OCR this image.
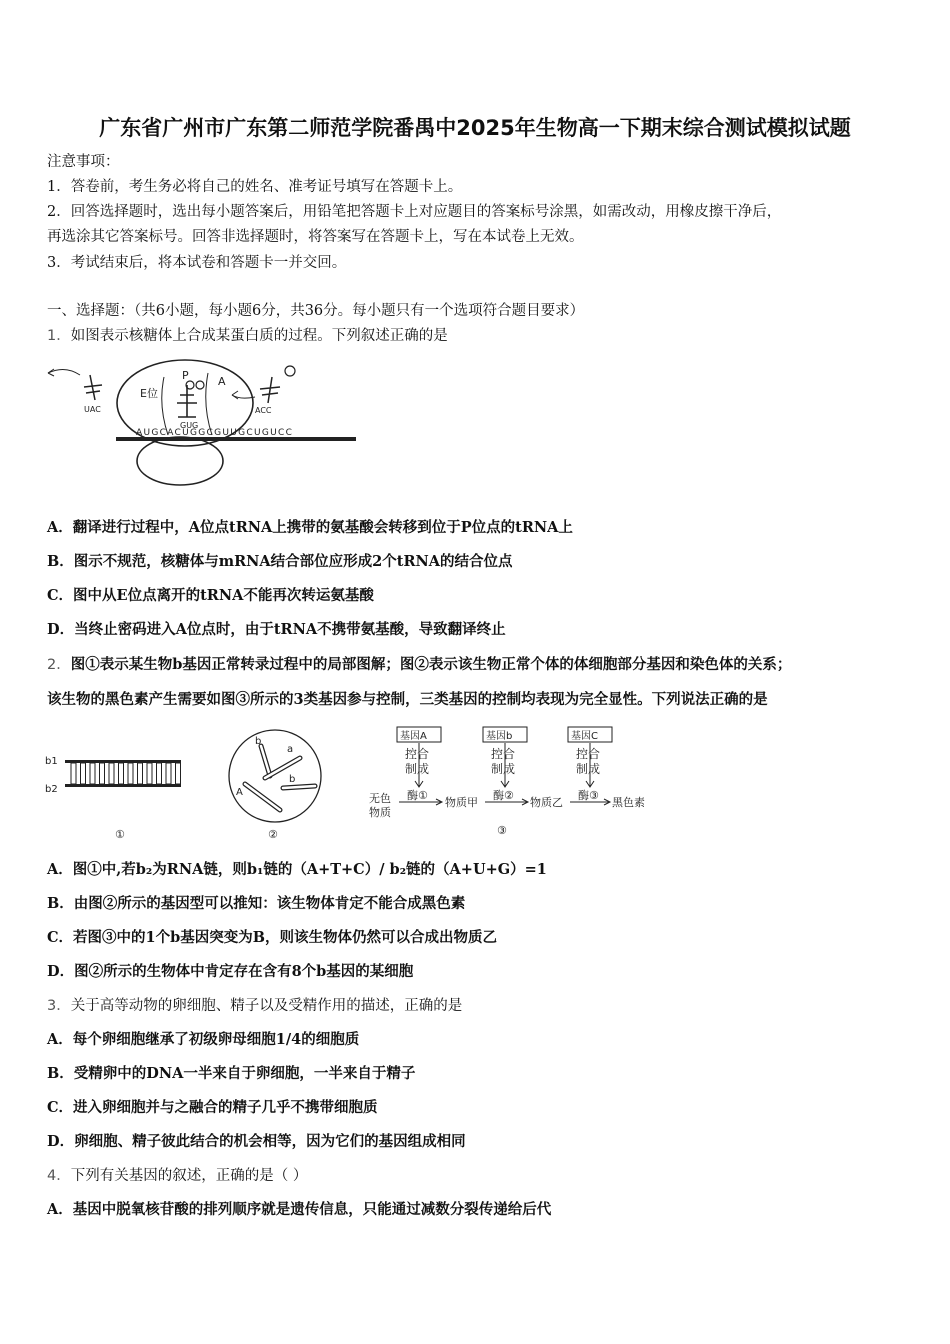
广东省广州市广东第二师范学院番禺中2025年生物高一下期末综合测试模拟试题
注意事项：
1．答卷前，考生务必将自己的姓名、准考证号填写在答题卡上。
2．回答选择题时，选出每小题答案后，用铅笔把答题卡上对应题目的答案标号涂黑，如需改动，用橡皮擦干净后，
再选涂其它答案标号。回答非选择题时，将答案写在答题卡上，写在本试卷上无效。
3．考试结束后，将本试卷和答题卡一并交回。
一、选择题：（共6小题，每小题6分，共36分。每小题只有一个选项符合题目要求）
1．如图表示核糖体上合成某蛋白质的过程。下列叙述正确的是
AUGCACUGGCGUUGCUGUCC
E位
P	A
GUG
UAC	ACC
A．翻译进行过程中，A位点tRNA上携带的氨基酸会转移到位于P位点的tRNA上
B．图示不规范，核糖体与mRNA结合部位应形成2个tRNA的结合位点
C．图中从E位点离开的tRNA不能再次转运氨基酸
D．当终止密码进入A位点时，由于tRNA不携带氨基酸，导致翻译终止
2．图①表示某生物b基因正常转录过程中的局部图解；图②表示该生物正常个体的体细胞部分基因和染色体的关系；
该生物的黑色素产生需要如图③所示的3类基因参与控制，三类基因的控制均表现为完全显性。下列说法正确的是
b1
b2
①
b
a
b
A
②
基因A	基因b	基因C
控合
制成
控合
制成
控合
制成
无色
物质
酶①
物质甲
酶②
物质乙
酶③
黑色素
③
A．图①中,若b₂为RNA链，则b₁链的（A+T+C）/ b₂链的（A+U+G）=1
B．由图②所示的基因型可以推知：该生物体肯定不能合成黑色素
C．若图③中的1个b基因突变为B，则该生物体仍然可以合成出物质乙
D．图②所示的生物体中肯定存在含有8个b基因的某细胞
3．关于高等动物的卵细胞、精子以及受精作用的描述，正确的是
A．每个卵细胞继承了初级卵母细胞1/4的细胞质
B．受精卵中的DNA一半来自于卵细胞，一半来自于精子
C．进入卵细胞并与之融合的精子几乎不携带细胞质
D．卵细胞、精子彼此结合的机会相等，因为它们的基因组成相同
4．下列有关基因的叙述，正确的是（ ）
A．基因中脱氧核苷酸的排列顺序就是遗传信息，只能通过减数分裂传递给后代
